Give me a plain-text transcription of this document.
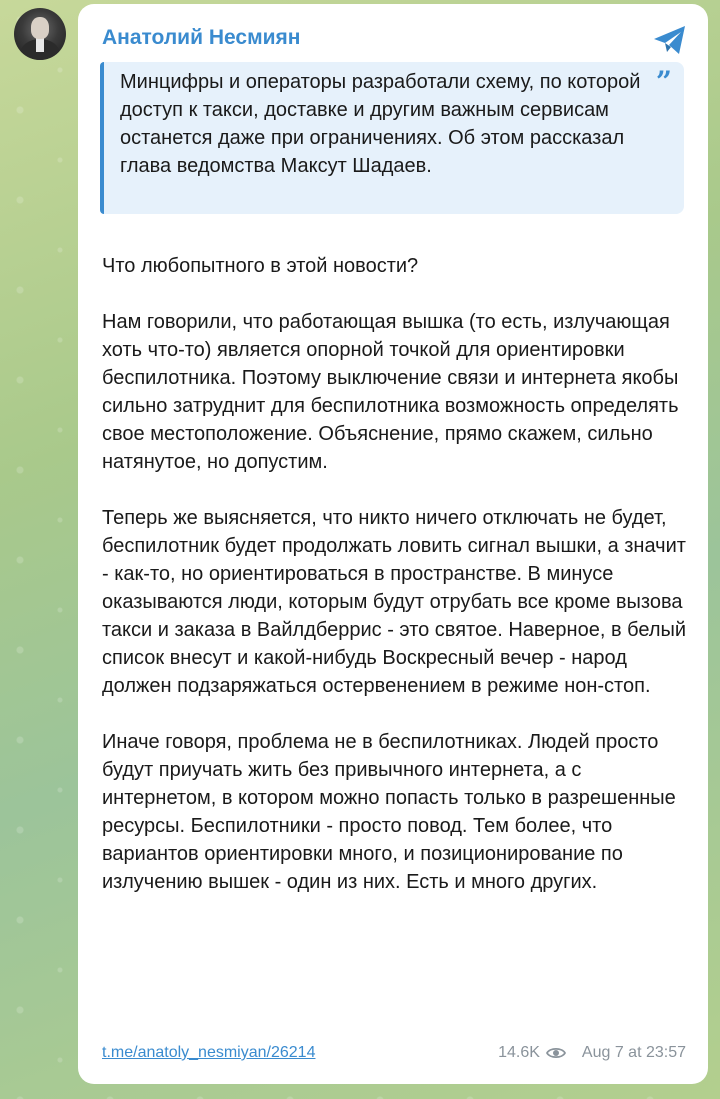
Анатолий Несмиян
Минцифры и операторы разработали схему, по которой доступ к такси, доставке и другим важным сервисам останется даже при ограничениях. Об этом рассказал глава ведомства Максут Шадаев.
”

Что любопытного в этой новости?

Нам говорили, что работающая вышка (то есть, излучающая хоть что-то) является опорной точкой для ориентировки беспилотника. Поэтому выключение связи и интернета якобы сильно затруднит для беспилотника возможность определять свое местоположение. Объяснение, прямо скажем, сильно натянутое, но допустим.

Теперь же выясняется, что никто ничего отключать не будет, беспилотник будет продолжать ловить сигнал вышки, а значит - как-то, но ориентироваться в пространстве. В минусе оказываются люди, которым будут отрубать все кроме вызова такси и заказа в Вайлдберрис - это святое. Наверное, в белый список внесут и какой-нибудь Воскресный вечер - народ должен подзаряжаться остервенением в режиме нон-стоп.

Иначе говоря, проблема не в беспилотниках. Людей просто будут приучать жить без привычного интернета, а с интернетом, в котором можно попасть только в разрешенные ресурсы. Беспилотники - просто повод. Тем более, что вариантов ориентировки много, и позиционирование по излучению вышек - один из них. Есть и много других.

t.me/anatoly_nesmiyan/26214	14.6K	Aug 7 at 23:57
